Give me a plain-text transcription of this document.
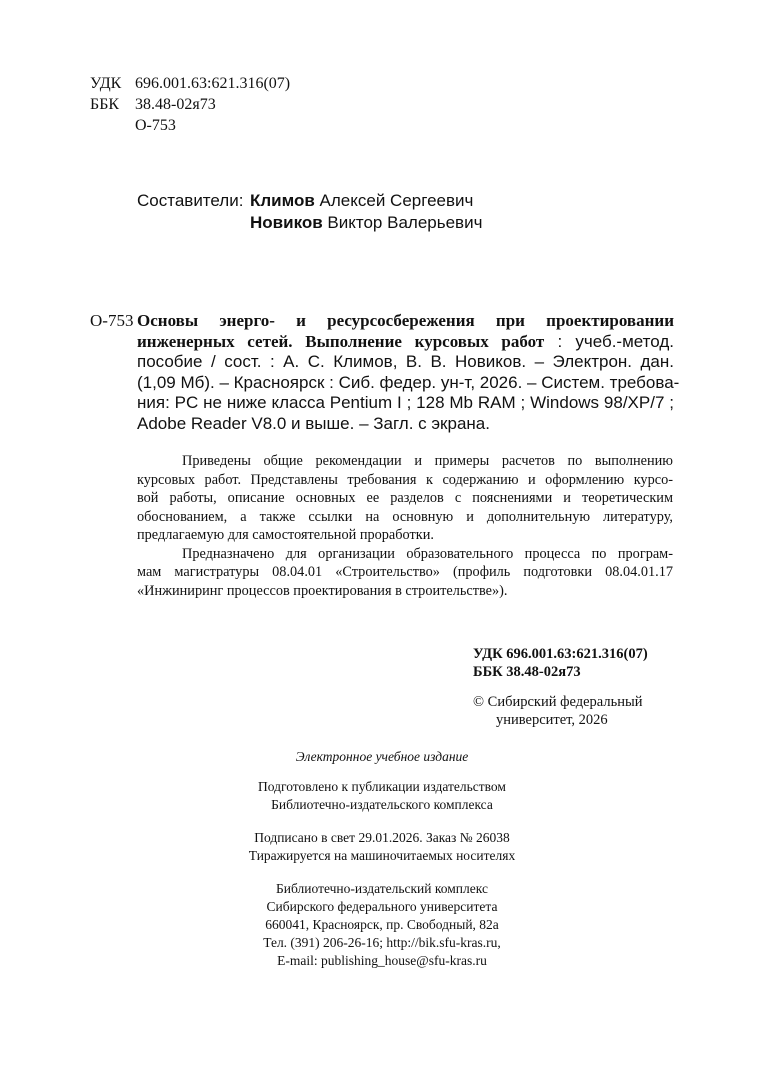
УДК 696.001.63:621.316(07)
ББК 38.48-02я73
О-753
Составители: Климов Алексей Сергеевич
Новиков Виктор Валерьевич
О-753 Основы энерго- и ресурсосбережения при проектировании
инженерных сетей. Выполнение курсовых работ : учеб.-метод.
пособие / сост. : А. С. Климов, В. В. Новиков. – Электрон. дан.
(1,09 Мб). – Красноярск : Сиб. федер. ун-т, 2026. – Систем. требова-
ния: PC не ниже класса Pentium I ; 128 Mb RAM ; Windows 98/XP/7 ;
Adobe Reader V8.0 и выше. – Загл. с экрана.
Приведены общие рекомендации и примеры расчетов по выполнению
курсовых работ. Представлены требования к содержанию и оформлению курсо-
вой работы, описание основных ее разделов с пояснениями и теоретическим
обоснованием, а также ссылки на основную и дополнительную литературу,
предлагаемую для самостоятельной проработки.
Предназначено для организации образовательного процесса по програм-
мам магистратуры 08.04.01 «Строительство» (профиль подготовки 08.04.01.17
«Инжиниринг процессов проектирования в строительстве»).
УДК 696.001.63:621.316(07)
ББК 38.48-02я73
© Сибирский федеральный
университет, 2026
Электронное учебное издание
Подготовлено к публикации издательством
Библиотечно-издательского комплекса
Подписано в свет 29.01.2026. Заказ № 26038
Тиражируется на машиночитаемых носителях
Библиотечно-издательский комплекс
Сибирского федерального университета
660041, Красноярск, пр. Свободный, 82а
Тел. (391) 206-26-16; http://bik.sfu-kras.ru,
E-mail: publishing_house@sfu-kras.ru
